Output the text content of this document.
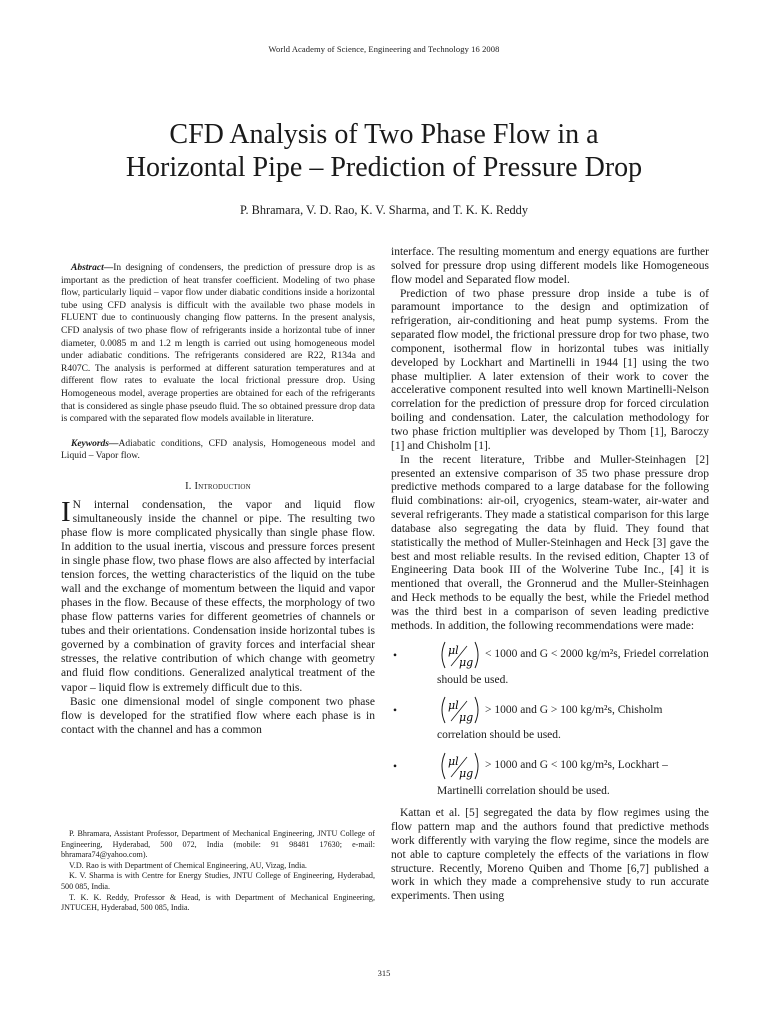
World Academy of Science, Engineering and Technology 16 2008
CFD Analysis of Two Phase Flow in a
Horizontal Pipe – Prediction of Pressure Drop
P. Bhramara, V. D. Rao, K. V. Sharma, and T. K. K. Reddy

Abstract—In designing of condensers, the prediction of pressure drop is as important as the prediction of heat transfer coefficient. Modeling of two phase flow, particularly liquid – vapor flow under diabatic conditions inside a horizontal tube using CFD analysis is difficult with the available two phase models in FLUENT due to continuously changing flow patterns. In the present analysis, CFD analysis of two phase flow of refrigerants inside a horizontal tube of inner diameter, 0.0085 m and 1.2 m length is carried out using homogeneous model under adiabatic conditions. The refrigerants considered are R22, R134a and R407C. The analysis is performed at different saturation temperatures and at different flow rates to evaluate the local frictional pressure drop. Using Homogeneous model, average properties are obtained for each of the refrigerants that is considered as single phase pseudo fluid. The so obtained pressure drop data is compared with the separated flow models available in literature.

Keywords—Adiabatic conditions, CFD analysis, Homogeneous model and Liquid – Vapor flow.

I. Introduction

I N internal condensation, the vapor and liquid flow simultaneously inside the channel or pipe. The resulting two phase flow is more complicated physically than single phase flow. In addition to the usual inertia, viscous and pressure forces present in single phase flow, two phase flows are also affected by interfacial tension forces, the wetting characteristics of the liquid on the tube wall and the exchange of momentum between the liquid and vapor phases in the flow. Because of these effects, the morphology of two phase flow patterns varies for different geometries of channels or tubes and their orientations. Condensation inside horizontal tubes is governed by a combination of gravity forces and interfacial shear stresses, the relative contribution of which change with geometry and fluid flow conditions. Generalized analytical treatment of the vapor – liquid flow is extremely difficult due to this.

Basic one dimensional model of single component two phase flow is developed for the stratified flow where each phase is in contact with the channel and has a common

P. Bhramara, Assistant Professor, Department of Mechanical Engineering, JNTU College of Engineering, Hyderabad, 500 072, India (mobile: 91 98481 17630; e-mail: bhramara74@yahoo.com).

V.D. Rao is with Department of Chemical Engineering, AU, Vizag, India.

K. V. Sharma is with Centre for Energy Studies, JNTU College of Engineering, Hyderabad, 500 085, India.

T. K. K. Reddy, Professor & Head, is with Department of Mechanical Engineering, JNTUCEH, Hyderabad, 500 085, India.

interface. The resulting momentum and energy equations are further solved for pressure drop using different models like Homogeneous flow model and Separated flow model.

Prediction of two phase pressure drop inside a tube is of paramount importance to the design and optimization of refrigeration, air-conditioning and heat pump systems. From the separated flow model, the frictional pressure drop for two phase, two component, isothermal flow in horizontal tubes was initially developed by Lockhart and Martinelli in 1944 [1] using the two phase multiplier. A later extension of their work to cover the accelerative component resulted into well known Martinelli-Nelson correlation for the prediction of pressure drop for forced circulation boiling and condensation. Later, the calculation methodology for two phase friction multiplier was developed by Thom [1], Baroczy [1] and Chisholm [1].

In the recent literature, Tribbe and Muller-Steinhagen [2] presented an extensive comparison of 35 two phase pressure drop predictive methods compared to a large database for the following fluid combinations: air-oil, cryogenics, steam-water, air-water and several refrigerants. They made a statistical comparison for this large database also segregating the data by fluid. They found that statistically the method of Muller-Steinhagen and Heck [3] gave the best and most reliable results. In the revised edition, Chapter 13 of Engineering Data book III of the Wolverine Tube Inc., [4] it is mentioned that overall, the Gronnerud and the Muller-Steinhagen and Heck methods to be equally the best, while the Friedel method was the third best in a comparison of seven leading predictive methods. In addition, the following recommendations were made:

•	μl
μg
< 1000 and G < 2000 kg/m²s, Friedel correlation
should be used.
•	μl
μg
> 1000 and G > 100 kg/m²s, Chisholm
correlation should be used.
•	μl
μg
> 1000 and G < 100 kg/m²s, Lockhart –
Martinelli correlation should be used.

Kattan et al. [5] segregated the data by flow regimes using the flow pattern map and the authors found that predictive methods work differently with varying the flow regime, since the models are not able to capture completely the effects of the variations in flow structure. Recently, Moreno Quiben and Thome [6,7] published a work in which they made a comprehensive study to run accurate experiments. Then using

315
